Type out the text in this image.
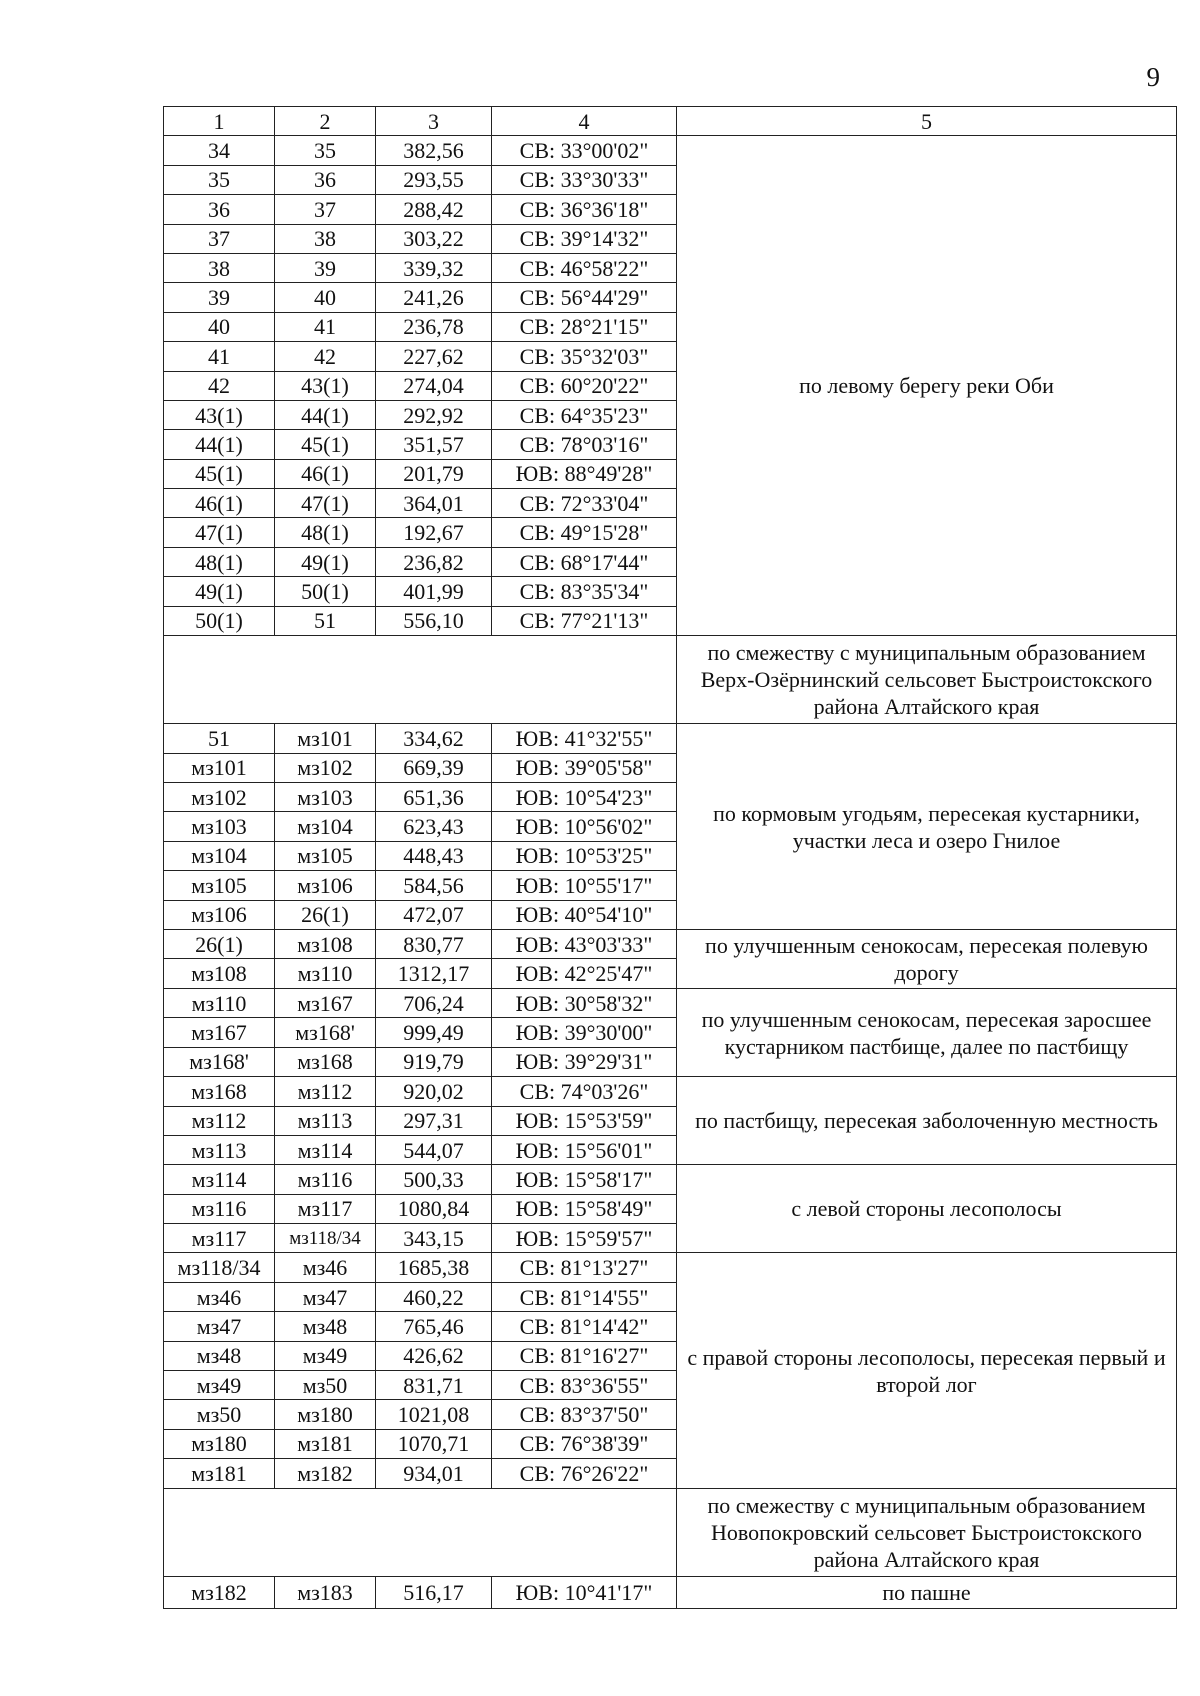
9
1	2	3	4	5
34	35	382,56	СВ: 33°00'02"	по левому берегу реки Оби
35	36	293,55	СВ: 33°30'33"	
36	37	288,42	СВ: 36°36'18"	
37	38	303,22	СВ: 39°14'32"	
38	39	339,32	СВ: 46°58'22"	
39	40	241,26	СВ: 56°44'29"	
40	41	236,78	СВ: 28°21'15"	
41	42	227,62	СВ: 35°32'03"	
42	43(1)	274,04	СВ: 60°20'22"	
43(1)	44(1)	292,92	СВ: 64°35'23"	
44(1)	45(1)	351,57	СВ: 78°03'16"	
45(1)	46(1)	201,79	ЮВ: 88°49'28"	
46(1)	47(1)	364,01	СВ: 72°33'04"	
47(1)	48(1)	192,67	СВ: 49°15'28"	
48(1)	49(1)	236,82	СВ: 68°17'44"	
49(1)	50(1)	401,99	СВ: 83°35'34"	
50(1)	51	556,10	СВ: 77°21'13"	
				по смежеству с муниципальным образованием Верх-Озёрнинский сельсовет Быстроистокского района Алтайского края

51	мз101	334,62	ЮВ: 41°32'55"	по кормовым угодьям, пересекая кустарники, участки леса и озеро Гнилое
мз101	мз102	669,39	ЮВ: 39°05'58"	
мз102	мз103	651,36	ЮВ: 10°54'23"	
мз103	мз104	623,43	ЮВ: 10°56'02"	
мз104	мз105	448,43	ЮВ: 10°53'25"	
мз105	мз106	584,56	ЮВ: 10°55'17"	
мз106	26(1)	472,07	ЮВ: 40°54'10"	
26(1)	мз108	830,77	ЮВ: 43°03'33"	по улучшенным сенокосам, пересекая полевую дорогу
мз108	мз110	1312,17	ЮВ: 42°25'47"	
мз110	мз167	706,24	ЮВ: 30°58'32"	по улучшенным сенокосам, пересекая заросшее кустарником пастбище, далее по пастбищу
мз167	мз168'	999,49	ЮВ: 39°30'00"	
мз168'	мз168	919,79	ЮВ: 39°29'31"	
мз168	мз112	920,02	СВ: 74°03'26"	по пастбищу, пересекая заболоченную местность
мз112	мз113	297,31	ЮВ: 15°53'59"	
мз113	мз114	544,07	ЮВ: 15°56'01"	
мз114	мз116	500,33	ЮВ: 15°58'17"	с левой стороны лесополосы
мз116	мз117	1080,84	ЮВ: 15°58'49"	
мз117	мз118/34	343,15	ЮВ: 15°59'57"	
мз118/34	мз46	1685,38	СВ: 81°13'27"	с правой стороны лесополосы, пересекая первый и второй лог
мз46	мз47	460,22	СВ: 81°14'55"	
мз47	мз48	765,46	СВ: 81°14'42"	
мз48	мз49	426,62	СВ: 81°16'27"	
мз49	мз50	831,71	СВ: 83°36'55"	
мз50	мз180	1021,08	СВ: 83°37'50"	
мз180	мз181	1070,71	СВ: 76°38'39"	
мз181	мз182	934,01	СВ: 76°26'22"	
				по смежеству с муниципальным образованием Новопокровский сельсовет Быстроистокского района Алтайского края

мз182	мз183	516,17	ЮВ: 10°41'17"	по пашне
